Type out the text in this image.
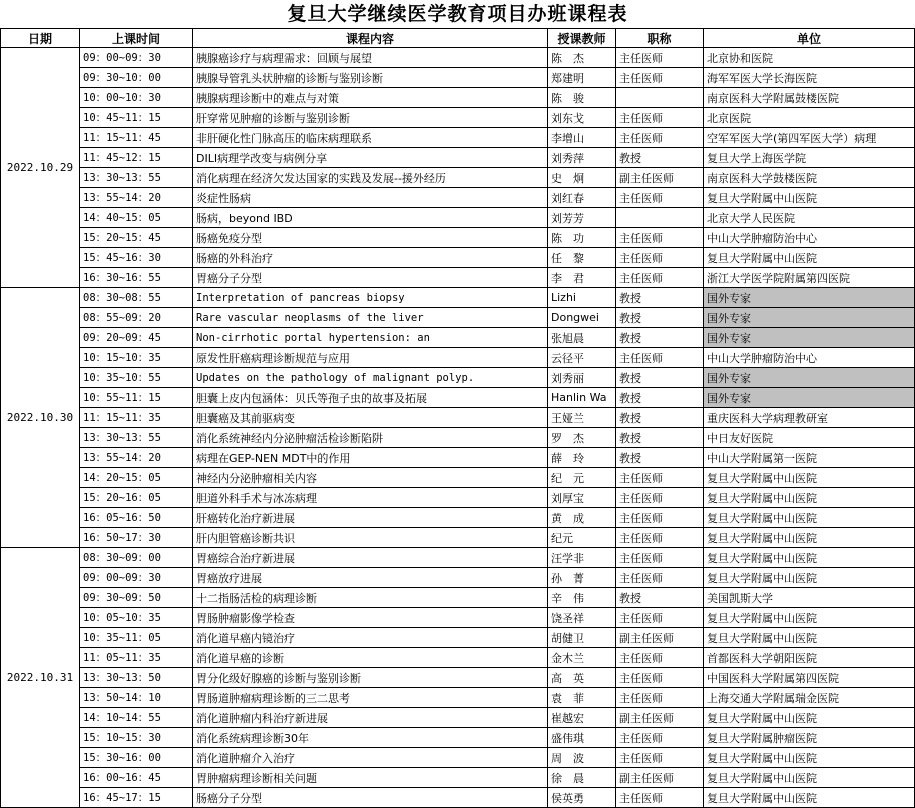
复旦大学继续医学教育项目办班课程表
日期	上课时间	课程内容	授课教师	职称	单位
2022.10.29	09：00~09：30	胰腺癌诊疗与病理需求：回顾与展望	陈　杰	主任医师	北京协和医院
	09：30~10：00	胰腺导管乳头状肿瘤的诊断与鉴别诊断	郑建明	主任医师	海军军医大学长海医院
	10：00~10：30	胰腺病理诊断中的难点与对策	陈　骏		南京医科大学附属鼓楼医院
	10：45~11：15	肝穿常见肿瘤的诊断与鉴别诊断	刘东戈	主任医师	北京医院
	11：15~11：45	非肝硬化性门脉高压的临床病理联系	李增山	主任医师	空军军医大学(第四军医大学）病理
	11：45~12：15	DILI病理学改变与病例分享	刘秀萍	教授	复旦大学上海医学院
	13：30~13：55	消化病理在经济欠发达国家的实践及发展--援外经历	史　炯	副主任医师	南京医科大学鼓楼医院
	13：55~14：20	炎症性肠病	刘红春	主任医师	复旦大学附属中山医院
	14：40~15：05	肠病，beyond IBD	刘芳芳		北京大学人民医院
	15：20~15：45	肠癌免疫分型	陈　功	主任医师	中山大学肿瘤防治中心
	15：45~16：30	肠癌的外科治疗	任　黎	主任医师	复旦大学附属中山医院
	16：30~16：55	胃癌分子分型	李　君	主任医师	浙江大学医学院附属第四医院
2022.10.30	08：30~08：55	Interpretation of pancreas biopsy	Lizhi	教授	国外专家
	08：55~09：20	Rare vascular neoplasms of the liver	Dongwei	教授	国外专家
	09：20~09：45	Non-cirrhotic portal hypertension: an	张旭晨	教授	国外专家
	10：15~10：35	原发性肝癌病理诊断规范与应用	云径平	主任医师	中山大学肿瘤防治中心
	10：35~10：55	Updates on the pathology of malignant polyp.	刘秀丽	教授	国外专家
	10：55~11：15	胆囊上皮内包涵体：贝氏等孢子虫的故事及拓展	Hanlin Wa	教授	国外专家
	11：15~11：35	胆囊癌及其前驱病变	王娅兰	教授	重庆医科大学病理教研室
	13：30~13：55	消化系统神经内分泌肿瘤活检诊断陷阱	罗　杰	教授	中日友好医院
	13：55~14：20	病理在GEP-NEN MDT中的作用	薛　玲	教授	中山大学附属第一医院
	14：20~15：05	神经内分泌肿瘤相关内容	纪　元	主任医师	复旦大学附属中山医院
	15：20~16：05	胆道外科手术与冰冻病理	刘厚宝	主任医师	复旦大学附属中山医院
	16：05~16：50	肝癌转化治疗新进展	黄　成	主任医师	复旦大学附属中山医院
	16：50~17：30	肝内胆管癌诊断共识	纪元	主任医师	复旦大学附属中山医院
2022.10.31	08：30~09：00	胃癌综合治疗新进展	汪学非	主任医师	复旦大学附属中山医院
	09：00~09：30	胃癌放疗进展	孙　菁	主任医师	复旦大学附属中山医院
	09：30~09：50	十二指肠活检的病理诊断	辛　伟	教授	美国凯斯大学
	10：05~10：35	胃肠肿瘤影像学检查	饶圣祥	主任医师	复旦大学附属中山医院
	10：35~11：05	消化道早癌内镜治疗	胡健卫	副主任医师	复旦大学附属中山医院
	11：05~11：35	消化道早癌的诊断	金木兰	主任医师	首都医科大学朝阳医院
	13：30~13：50	胃分化级好腺癌的诊断与鉴别诊断	高　英	主任医师	中国医科大学附属第四医院
	13：50~14：10	胃肠道肿瘤病理诊断的三二思考	袁　菲	主任医师	上海交通大学附属瑞金医院
	14：10~14：55	消化道肿瘤内科治疗新进展	崔越宏	副主任医师	复旦大学附属中山医院
	15：10~15：30	消化系统病理诊断30年	盛伟琪	主任医师	复旦大学附属肿瘤医院
	15：30~16：00	消化道肿瘤介入治疗	周　波	主任医师	复旦大学附属中山医院
	16：00~16：45	胃肿瘤病理诊断相关问题	徐　晨	副主任医师	复旦大学附属中山医院
	16：45~17：15	肠癌分子分型	侯英勇	主任医师	复旦大学附属中山医院
